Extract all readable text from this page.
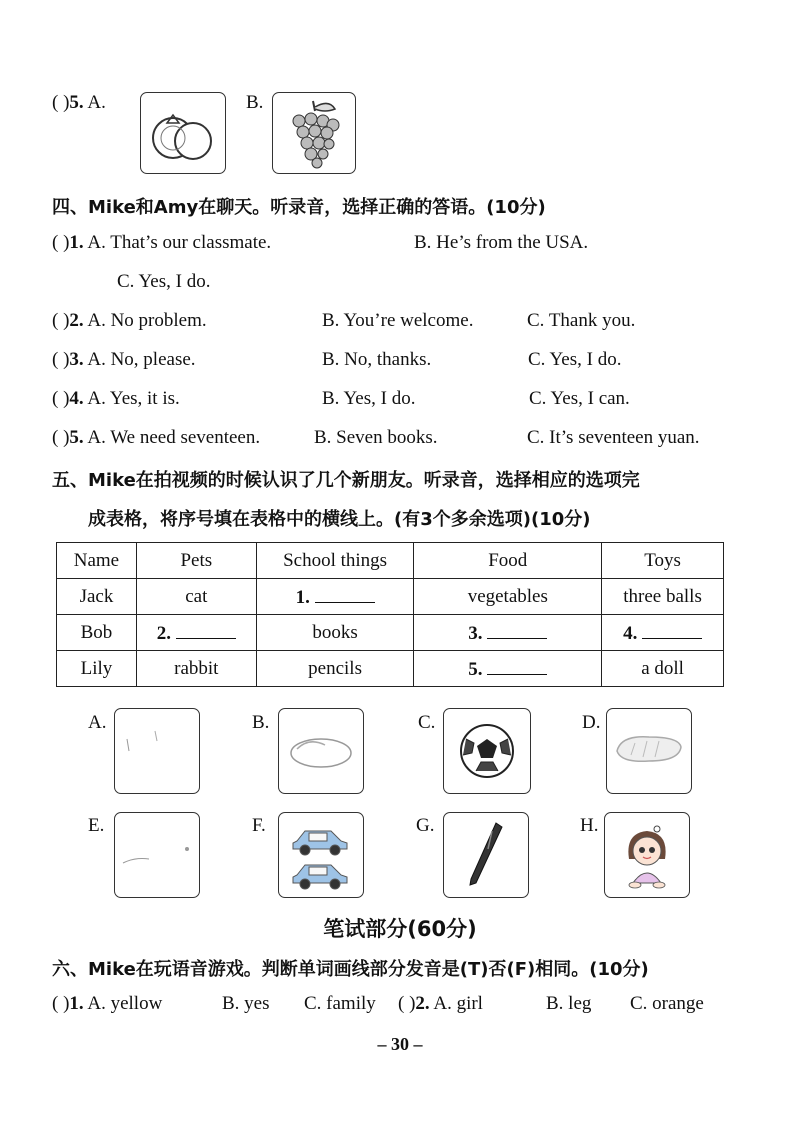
( )5. A.	B.
四、Mike和Amy在聊天。听录音，选择正确的答语。(10分)
( )1. A. That’s our classmate.	B. He’s from the USA.
C. Yes, I do.
( )2. A. No problem.	B. You’re welcome.	C. Thank you.
( )3. A. No, please.	B. No, thanks.	C. Yes, I do.
( )4. A. Yes, it is.	B. Yes, I do.	C. Yes, I can.
( )5. A. We need seventeen.	B. Seven books.	C. It’s seventeen yuan.
五、Mike在拍视频的时候认识了几个新朋友。听录音，选择相应的选项完
成表格，将序号填在表格中的横线上。(有3个多余选项)(10分)
Name	Pets	School things	Food	Toys
Jack	cat	1.	vegetables	three balls
Bob	2.	books	3.	4.
Lily	rabbit	pencils	5.	a doll
A.	B.	C.	D.
E.	F.	G.	H.
笔试部分(60分)
六、Mike在玩语音游戏。判断单词画线部分发音是(T)否(F)相同。(10分)
( )1. A. yellow	B. yes C. family ( )2. A. girl	B. leg C. orange
– 30 –
